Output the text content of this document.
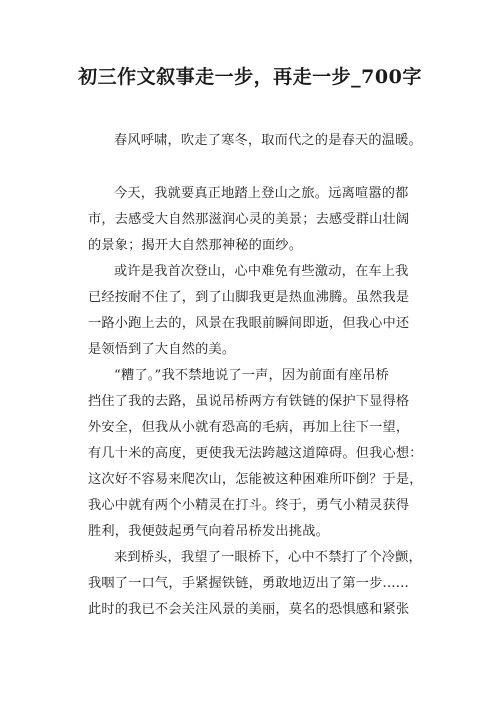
初三作文叙事走一步，再走一步_700字
春风呼啸，吹走了寒冬，取而代之的是春天的温暖。
今天，我就要真正地踏上登山之旅。远离喧嚣的都
市，去感受大自然那滋润心灵的美景；去感受群山壮阔
的景象；揭开大自然那神秘的面纱。
或许是我首次登山，心中难免有些激动，在车上我
已经按耐不住了，到了山脚我更是热血沸腾。虽然我是
一路小跑上去的，风景在我眼前瞬间即逝，但我心中还
是领悟到了大自然的美。
“糟了。”我不禁地说了一声，因为前面有座吊桥
挡住了我的去路，虽说吊桥两方有铁链的保护下显得格
外安全，但我从小就有恐高的毛病，再加上往下一望，
有几十米的高度，更使我无法跨越这道障碍。但我心想：
这次好不容易来爬次山，怎能被这种困难所吓倒？于是，
我心中就有两个小精灵在打斗。终于，勇气小精灵获得
胜利，我便鼓起勇气向着吊桥发出挑战。
来到桥头，我望了一眼桥下，心中不禁打了个冷颤，
我咽了一口气，手紧握铁链，勇敢地迈出了第一步......
此时的我已不会关注风景的美丽，莫名的恐惧感和紧张
